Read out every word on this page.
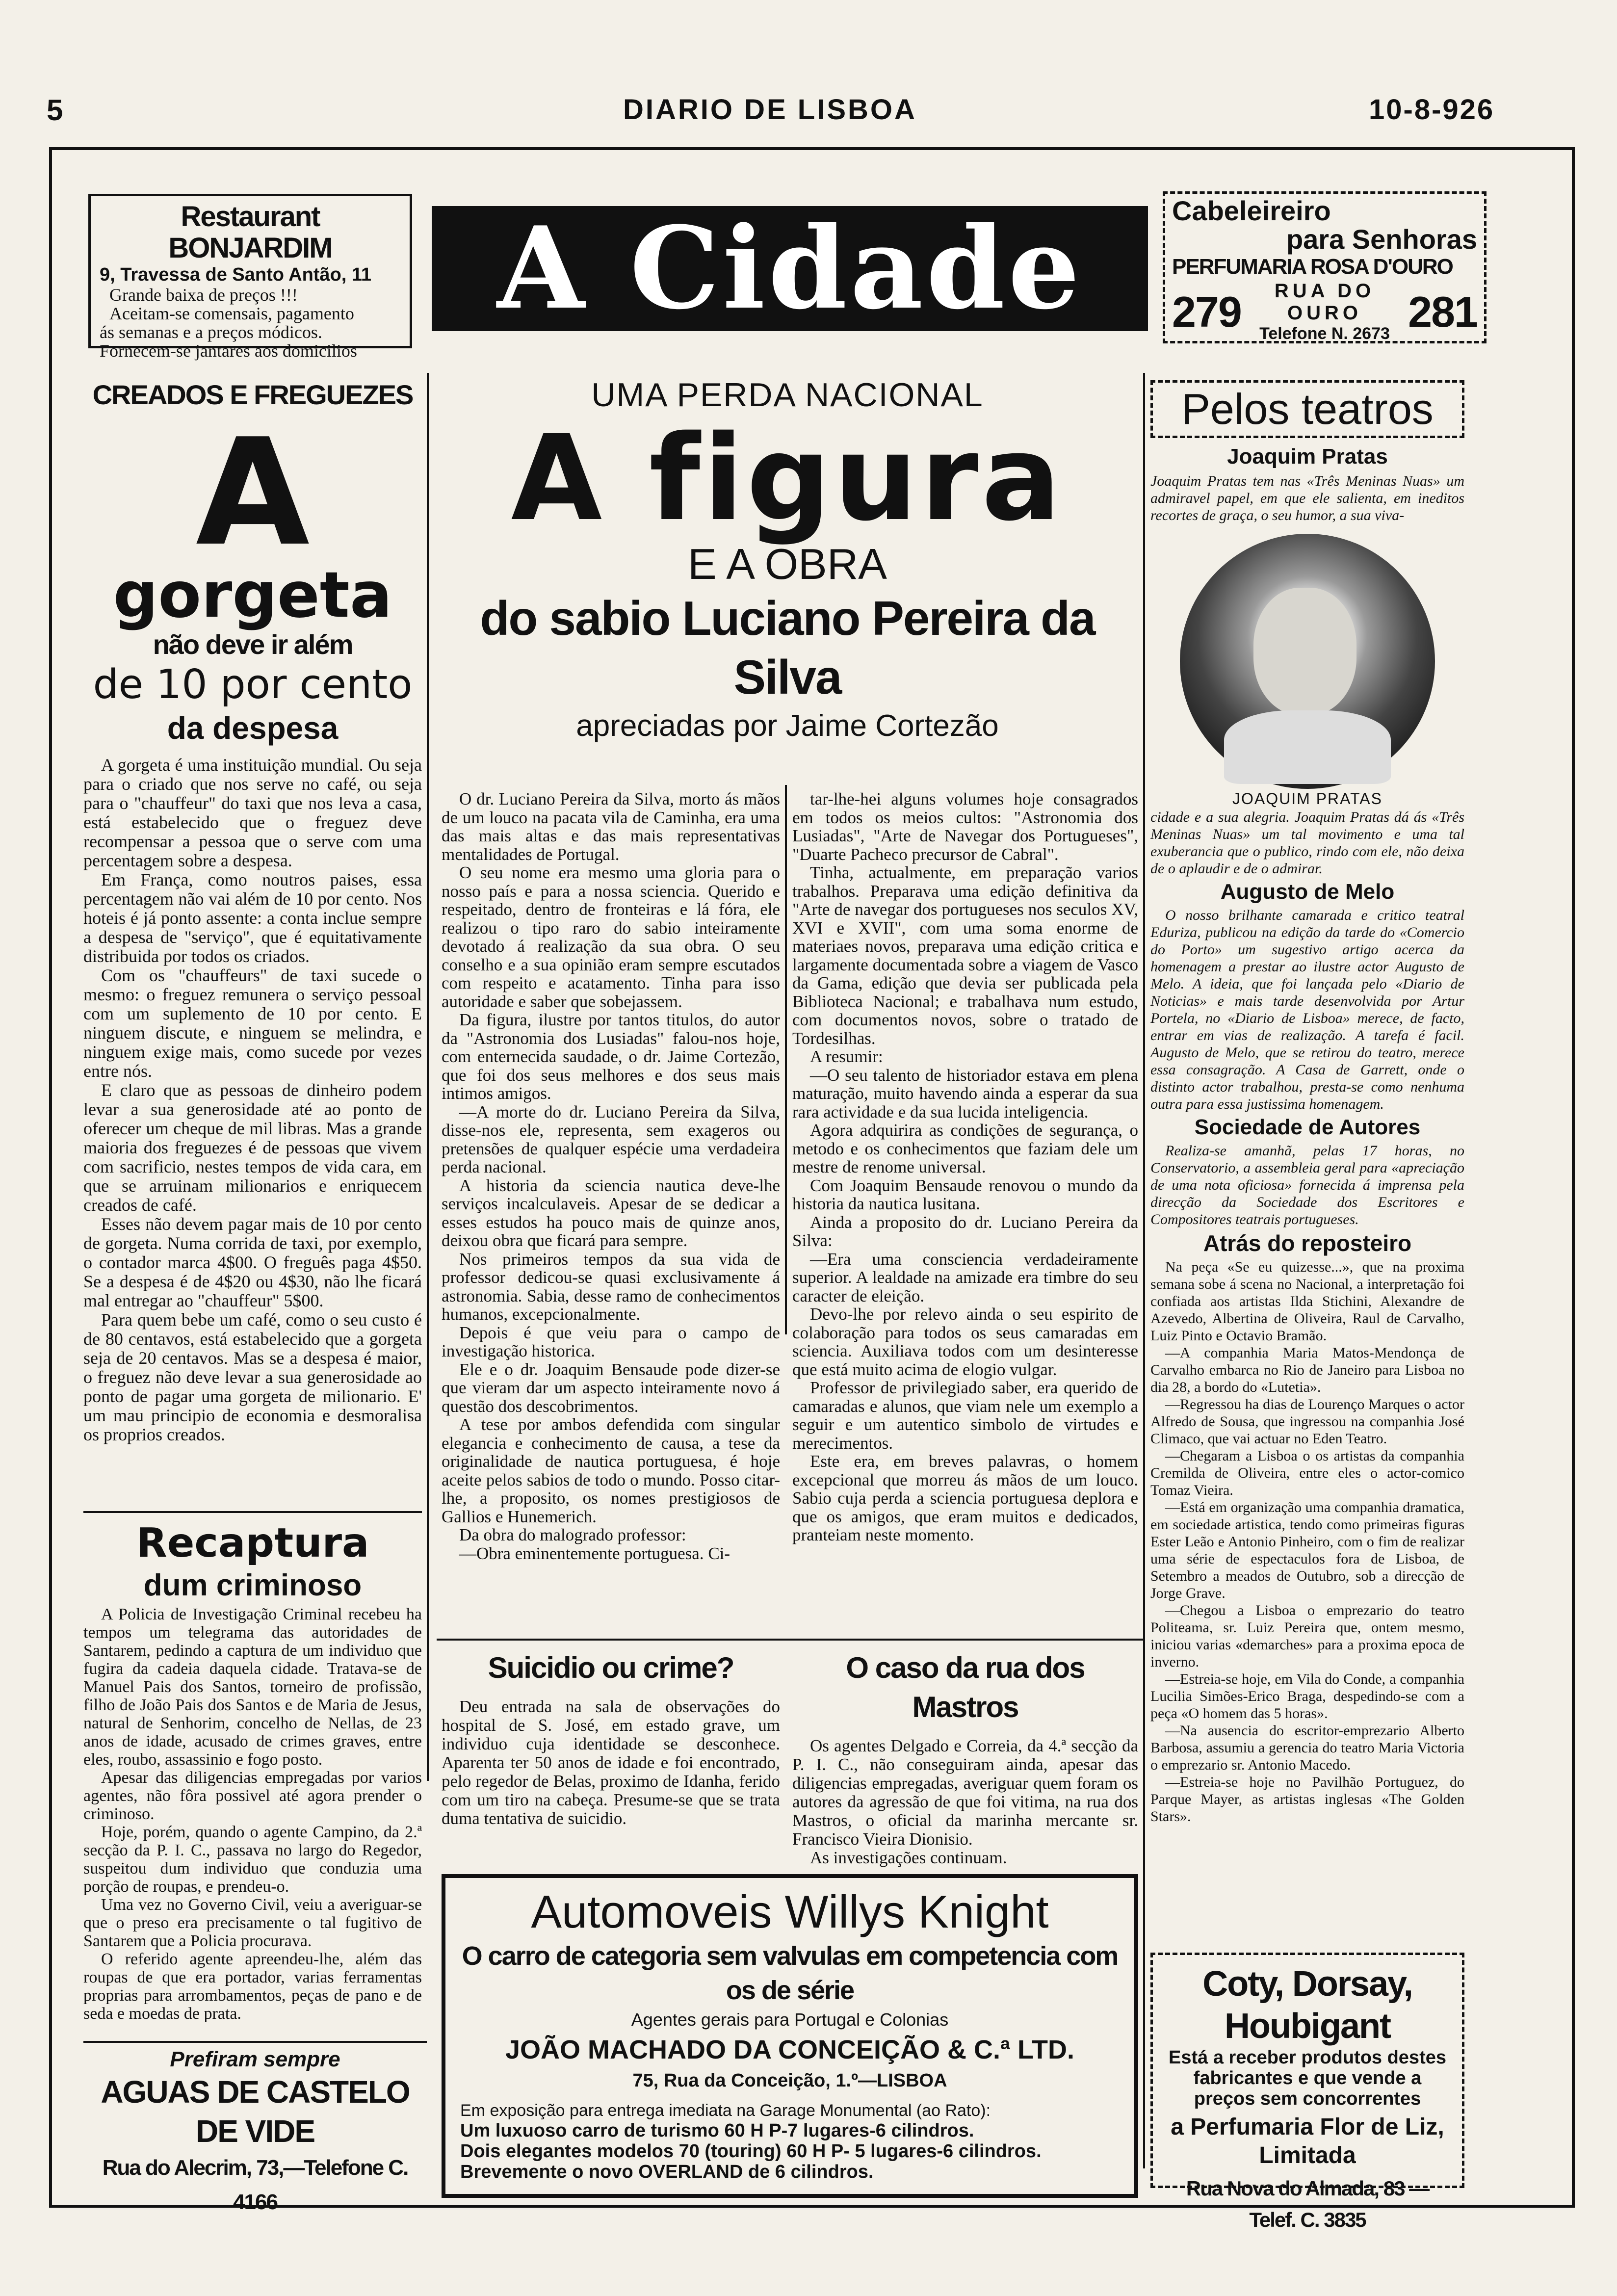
5	DIARIO DE LISBOA	10-8-926
Restaurant BONJARDIM
9, Travessa de Santo Antão, 11
Grande baixa de preços !!!
Aceitam-se comensais, pagamento
ás semanas e a preços módicos.
Fornecem-se jantares aos domicilios
A Cidade	Cabeleireiro
para Senhoras
PERFUMARIA ROSA D'OURO
279	RUA DO OURO
Telefone N. 2673 281
CREADOS E FREGUEZES
A
gorgeta
não deve ir além
de 10 por cento
da despesa

A gorgeta é uma instituição mundial. Ou seja para o criado que nos serve no café, ou seja para o "chauffeur" do taxi que nos leva a casa, está estabelecido que o freguez deve recompensar a pessoa que o serve com uma percentagem sobre a despesa.

Em França, como noutros paises, essa percentagem não vai além de 10 por cento. Nos hoteis é já ponto assente: a conta inclue sempre a despesa de "serviço", que é equitativamente distribuida por todos os criados.

Com os "chauffeurs" de taxi sucede o mesmo: o freguez remunera o serviço pessoal com um suplemento de 10 por cento. E ninguem discute, e ninguem se melindra, e ninguem exige mais, como sucede por vezes entre nós.

E claro que as pessoas de dinheiro podem levar a sua generosidade até ao ponto de oferecer um cheque de mil libras. Mas a grande maioria dos freguezes é de pessoas que vivem com sacrificio, nestes tempos de vida cara, em que se arruinam milionarios e enriquecem creados de café.

Esses não devem pagar mais de 10 por cento de gorgeta. Numa corrida de taxi, por exemplo, o contador marca 4$00. O freguês paga 4$50. Se a despesa é de 4$20 ou 4$30, não lhe ficará mal entregar ao "chauffeur" 5$00.

Para quem bebe um café, como o seu custo é de 80 centavos, está estabelecido que a gorgeta seja de 20 centavos. Mas se a despesa é maior, o freguez não deve levar a sua generosidade ao ponto de pagar uma gorgeta de milionario. E' um mau principio de economia e desmoralisa os proprios creados.

Recaptura
dum criminoso

A Policia de Investigação Criminal recebeu ha tempos um telegrama das autoridades de Santarem, pedindo a captura de um individuo que fugira da cadeia daquela cidade. Tratava-se de Manuel Pais dos Santos, torneiro de profissão, filho de João Pais dos Santos e de Maria de Jesus, natural de Senhorim, concelho de Nellas, de 23 anos de idade, acusado de crimes graves, entre eles, roubo, assassinio e fogo posto.

Apesar das diligencias empregadas por varios agentes, não fôra possivel até agora prender o criminoso.

Hoje, porém, quando o agente Campino, da 2.ª secção da P. I. C., passava no largo do Regedor, suspeitou dum individuo que conduzia uma porção de roupas, e prendeu-o.

Uma vez no Governo Civil, veiu a averiguar-se que o preso era precisamente o tal fugitivo de Santarem que a Policia procurava.

O referido agente apreendeu-lhe, além das roupas de que era portador, varias ferramentas proprias para arrombamentos, peças de pano e de seda e moedas de prata.

Prefiram sempre
AGUAS DE CASTELO DE VIDE
Rua do Alecrim, 73,—Telefone C. 4166
UMA PERDA NACIONAL
A figura
E A OBRA
do sabio Luciano Pereira da Silva
apreciadas por Jaime Cortezão

O dr. Luciano Pereira da Silva, morto ás mãos de um louco na pacata vila de Caminha, era uma das mais altas e das mais representativas mentalidades de Portugal.

O seu nome era mesmo uma gloria para o nosso país e para a nossa sciencia. Querido e respeitado, dentro de fronteiras e lá fóra, ele realizou o tipo raro do sabio inteiramente devotado á realização da sua obra. O seu conselho e a sua opinião eram sempre escutados com respeito e acatamento. Tinha para isso autoridade e saber que sobejassem.

Da figura, ilustre por tantos titulos, do autor da "Astronomia dos Lusiadas" falou-nos hoje, com enternecida saudade, o dr. Jaime Cortezão, que foi dos seus melhores e dos seus mais intimos amigos.

—A morte do dr. Luciano Pereira da Silva, disse-nos ele, representa, sem exageros ou pretensões de qualquer espécie uma verdadeira perda nacional.

A historia da sciencia nautica deve-lhe serviços incalculaveis. Apesar de se dedicar a esses estudos ha pouco mais de quinze anos, deixou obra que ficará para sempre.

Nos primeiros tempos da sua vida de professor dedicou-se quasi exclusivamente á astronomia. Sabia, desse ramo de conhecimentos humanos, excepcionalmente.

Depois é que veiu para o campo de investigação historica.

Ele e o dr. Joaquim Bensaude pode dizer-se que vieram dar um aspecto inteiramente novo á questão dos descobrimentos.

A tese por ambos defendida com singular elegancia e conhecimento de causa, a tese da originalidade de nautica portuguesa, é hoje aceite pelos sabios de todo o mundo. Posso citar-lhe, a proposito, os nomes prestigiosos de Gallios e Hunemerich.

Da obra do malogrado professor:

—Obra eminentemente portuguesa. Ci-

tar-lhe-hei alguns volumes hoje consagrados em todos os meios cultos: "Astronomia dos Lusiadas", "Arte de Navegar dos Portugueses", "Duarte Pacheco precursor de Cabral".

Tinha, actualmente, em preparação varios trabalhos. Preparava uma edição definitiva da "Arte de navegar dos portugueses nos seculos XV, XVI e XVII", com uma soma enorme de materiaes novos, preparava uma edição critica e largamente documentada sobre a viagem de Vasco da Gama, edição que devia ser publicada pela Biblioteca Nacional; e trabalhava num estudo, com documentos novos, sobre o tratado de Tordesilhas.

A resumir:

—O seu talento de historiador estava em plena maturação, muito havendo ainda a esperar da sua rara actividade e da sua lucida inteligencia.

Agora adquirira as condições de segurança, o metodo e os conhecimentos que faziam dele um mestre de renome universal.

Com Joaquim Bensaude renovou o mundo da historia da nautica lusitana.

Ainda a proposito do dr. Luciano Pereira da Silva:

—Era uma consciencia verdadeiramente superior. A lealdade na amizade era timbre do seu caracter de eleição.

Devo-lhe por relevo ainda o seu espirito de colaboração para todos os seus camaradas em sciencia. Auxiliava todos com um desinteresse que está muito acima de elogio vulgar.

Professor de privilegiado saber, era querido de camaradas e alunos, que viam nele um exemplo a seguir e um autentico simbolo de virtudes e merecimentos.

Este era, em breves palavras, o homem excepcional que morreu ás mãos de um louco. Sabio cuja perda a sciencia portuguesa deplora e que os amigos, que eram muitos e dedicados, pranteiam neste momento.

Suicidio ou crime?

Deu entrada na sala de observações do hospital de S. José, em estado grave, um individuo cuja identidade se desconhece. Aparenta ter 50 anos de idade e foi encontrado, pelo regedor de Belas, proximo de Idanha, ferido com um tiro na cabeça. Presume-se que se trata duma tentativa de suicidio.

O caso da rua dos Mastros

Os agentes Delgado e Correia, da 4.ª secção da P. I. C., não conseguiram ainda, apesar das diligencias empregadas, averiguar quem foram os autores da agressão de que foi vitima, na rua dos Mastros, o oficial da marinha mercante sr. Francisco Vieira Dionisio.

As investigações continuam.

Automoveis Willys Knight
O carro de categoria sem valvulas em competencia com os de série
Agentes gerais para Portugal e Colonias
JOÃO MACHADO DA CONCEIÇÃO & C.ª LTD.
75, Rua da Conceição, 1.º—LISBOA
Em exposição para entrega imediata na Garage Monumental (ao Rato):
Um luxuoso carro de turismo 60 H P-7 lugares-6 cilindros.
Dois elegantes modelos 70 (touring) 60 H P- 5 lugares-6 cilindros.
Brevemente o novo OVERLAND de 6 cilindros.
Pelos teatros
Joaquim Pratas
Joaquim Pratas tem nas «Três Meninas Nuas» um admiravel papel, em que ele salienta, em ineditos recortes de graça, o seu humor, a sua viva-
JOAQUIM PRATAS
cidade e a sua alegria. Joaquim Pratas dá ás «Três Meninas Nuas» um tal movimento e uma tal exuberancia que o publico, rindo com ele, não deixa de o aplaudir e de o admirar.
Augusto de Melo
O nosso brilhante camarada e critico teatral Eduriza, publicou na edição da tarde do «Comercio do Porto» um sugestivo artigo acerca da homenagem a prestar ao ilustre actor Augusto de Melo. A ideia, que foi lançada pelo «Diario de Noticias» e mais tarde desenvolvida por Artur Portela, no «Diario de Lisboa» merece, de facto, entrar em vias de realização. A tarefa é facil. Augusto de Melo, que se retirou do teatro, merece essa consagração. A Casa de Garrett, onde o distinto actor trabalhou, presta-se como nenhuma outra para essa justissima homenagem.
Sociedade de Autores
Realiza-se amanhã, pelas 17 horas, no Conservatorio, a assembleia geral para «apreciação de uma nota oficiosa» fornecida á imprensa pela direcção da Sociedade dos Escritores e Compositores teatrais portugueses.
Atrás do reposteiro
Na peça «Se eu quizesse...», que na proxima semana sobe á scena no Nacional, a interpretação foi confiada aos artistas Ilda Stichini, Alexandre de Azevedo, Albertina de Oliveira, Raul de Carvalho, Luiz Pinto e Octavio Bramão.
—A companhia Maria Matos-Mendonça de Carvalho embarca no Rio de Janeiro para Lisboa no dia 28, a bordo do «Lutetia».
—Regressou ha dias de Lourenço Marques o actor Alfredo de Sousa, que ingressou na companhia José Climaco, que vai actuar no Eden Teatro.
—Chegaram a Lisboa o os artistas da companhia Cremilda de Oliveira, entre eles o actor-comico Tomaz Vieira.
—Está em organização uma companhia dramatica, em sociedade artistica, tendo como primeiras figuras Ester Leão e Antonio Pinheiro, com o fim de realizar uma série de espectaculos fora de Lisboa, de Setembro a meados de Outubro, sob a direcção de Jorge Grave.
—Chegou a Lisboa o emprezario do teatro Politeama, sr. Luiz Pereira que, ontem mesmo, iniciou varias «demarches» para a proxima epoca de inverno.
—Estreia-se hoje, em Vila do Conde, a companhia Lucilia Simões-Erico Braga, despedindo-se com a peça «O homem das 5 horas».
—Na ausencia do escritor-emprezario Alberto Barbosa, assumiu a gerencia do teatro Maria Victoria o emprezario sr. Antonio Macedo.
—Estreia-se hoje no Pavilhão Portuguez, do Parque Mayer, as artistas inglesas «The Golden Stars».
Coty, Dorsay, Houbigant
Está a receber produtos destes fabricantes e que vende a preços sem concorrentes
a Perfumaria Flor de Liz, Limitada
Rua Nova do Almada, 83 — Telef. C. 3835
